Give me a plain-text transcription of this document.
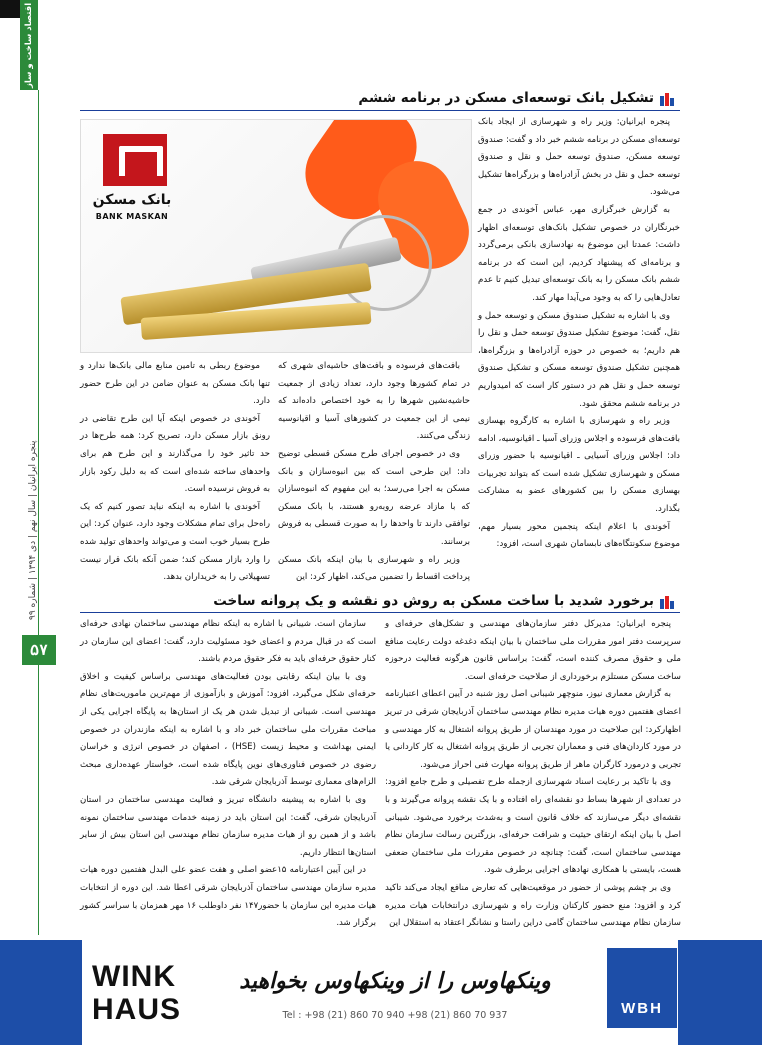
اقتصاد ساخت و ساز
پنجره ایرانیان | سال نهم | دی ۱۳۹۴ | شماره ۹۹
۵۷
تشکیل بانک توسعه‌ای مسکن در برنامه ششم
بانک مسکن
BANK MASKAN

پنجره ایرانیان: وزیر راه و شهرسازی از ایجاد بانک توسعه‌ای مسکن در برنامه ششم خبر داد و گفت: صندوق توسعه مسکن، صندوق توسعه حمل و نقل و صندوق توسعه حمل و نقل در بخش آزادراه‌ها و بزرگراه‌ها تشکیل می‌شود.

به گزارش خبرگزاری مهر، عباس آخوندی در جمع خبرنگاران در خصوص تشکیل بانک‌های توسعه‌ای اظهار داشت: عمدتا این موضوع به نهادسازی بانکی برمی‌گردد و برنامه‌ای که پیشنهاد کردیم، این است که در برنامه ششم بانک مسکن را به بانک توسعه‌ای تبدیل کنیم تا عدم تعادل‌هایی را که به وجود می‌آیدا مهار کند.

وی با اشاره به تشکیل صندوق مسکن و توسعه حمل و نقل، گفت: موضوع تشکیل صندوق توسعه حمل و نقل را هم داریم؛ به خصوص در حوزه آزادراه‌ها و بزرگراه‌ها، همچنین تشکیل صندوق توسعه مسکن و تشکیل صندوق توسعه حمل و نقل هم در دستور کار است که امیدواریم در برنامه ششم محقق شود.

وزیر راه و شهرسازی با اشاره به کارگروه بهسازی بافت‌های فرسوده و اجلاس وزرای آسیا ـ اقیانوسیه، ادامه داد: اجلاس وزرای آسیایی ـ اقیانوسیه با حضور وزرای مسکن و شهرسازی تشکیل شده است که بتواند تجربیات بهسازی مسکن را بین کشورهای عضو به مشارکت بگذارد.

آخوندی با اعلام اینکه پنجمین محور بسیار مهم، موضوع سکونتگاه‌های نابسامان شهری است، افزود:

بافت‌های فرسوده و بافت‌های حاشیه‌ای شهری که در تمام کشورها وجود دارد، تعداد زیادی از جمعیت حاشیه‌نشین شهرها را به خود اختصاص داده‌اند که نیمی از این جمعیت در کشورهای آسیا و اقیانوسیه زندگی می‌کنند.

وی در خصوص اجرای طرح مسکن قسطی توضیح داد: این طرحی است که بین انبوه‌سازان و بانک مسکن به اجرا می‌رسد؛ به این مفهوم که انبوه‌سازان که با مازاد عرضه روبه‌رو هستند، با بانک مسکن توافقی دارند تا واحدها را به صورت قسطی به فروش برسانند.

وزیر راه و شهرسازی با بیان اینکه بانک مسکن پرداخت اقساط را تضمین می‌کند، اظهار کرد: این

موضوع ربطی به تامین منابع مالی بانک‌ها ندارد و تنها بانک مسکن به عنوان ضامن در این طرح حضور دارد.

آخوندی در خصوص اینکه آیا این طرح تقاضی در رونق بازار مسکن دارد، تصریح کرد: همه طرح‌ها در حد تاثیر خود را می‌گذارند و این طرح هم برای واحدهای ساخته شده‌ای است که به دلیل رکود بازار به فروش نرسیده است.

آخوندی با اشاره به اینکه نباید تصور کنیم که یک راه‌حل برای تمام مشکلات وجود دارد، عنوان کرد: این طرح بسیار خوب است و می‌تواند واحدهای تولید شده را وارد بازار مسکن کند؛ ضمن آنکه بانک قرار نیست تسهیلاتی را به خریداران بدهد.

برخورد شدید با ساخت مسکن به روش دو نقشه و یک پروانه ساخت

پنجره ایرانیان: مدیرکل دفتر سازمان‌های مهندسی و تشکل‌های حرفه‌ای و سرپرست دفتر امور مقررات ملی ساختمان با بیان اینکه دغدغه دولت رعایت منافع ملی و حقوق مصرف کننده است، گفت: براساس قانون هرگونه فعالیت درحوزه ساخت مسکن مستلزم برخورداری از صلاحیت حرفه‌ای است.

به گزارش معماری نیوز، منوچهر شیبانی اصل روز شنبه در آیین اعطای اعتبارنامه اعضای هفتمین دوره هیات مدیره نظام مهندسی ساختمان آذربایجان شرقی در تبریز اظهارکرد: این صلاحیت در مورد مهندسان از طریق پروانه اشتغال به کار مهندسی و در مورد کاردان‌های فنی و معماران تجربی از طریق پروانه اشتغال به کار کاردانی یا تجربی و درمورد کارگران ماهر از طریق پروانه مهارت فنی احراز می‌شود.

وی با تاکید بر رعایت اسناد شهرسازی ازجمله طرح تفصیلی و طرح جامع افزود: در تعدادی از شهرها بساط دو نقشه‌ای راه افتاده و با یک نقشه پروانه می‌گیرند و با نقشه‌ای دیگر می‌سازند که خلاف قانون است و به‌شدت برخورد می‌شود. شیبانی اصل با بیان اینکه ارتقای حیثیت و شرافت حرفه‌ای، بزرگترین رسالت سازمان نظام مهندسی ساختمان است، گفت: چنانچه در خصوص مقررات ملی ساختمان ضعفی هست، بایستی با همکاری نهادهای اجرایی برطرف شود.

وی بر چشم پوشی از حضور در موقعیت‌هایی که تعارض منافع ایجاد می‌کند تاکید کرد و افزود: منع حضور کارکنان وزارت راه و شهرسازی درانتخابات هیات مدیره سازمان نظام مهندسی ساختمان گامی دراین راستا و نشانگر اعتقاد به استقلال این

سازمان است. شیبانی با اشاره به اینکه نظام مهندسی ساختمان نهادی حرفه‌ای است که در قبال مردم و اعضای خود مسئولیت دارد، گفت: اعضای این سازمان در کنار حقوق حرفه‌ای باید به فکر حقوق مردم باشند.

وی با بیان اینکه رقابتی بودن فعالیت‌های مهندسی براساس کیفیت و اخلاق حرفه‌ای شکل می‌گیرد، افزود: آموزش و بازآموزی از مهم‌ترین ماموریت‌های نظام مهندسی است. شیبانی از تبدیل شدن هر یک از استان‌ها به پایگاه اجرایی یکی از مباحث مقررات ملی ساختمان خبر داد و با اشاره به اینکه مازندران در خصوص ایمنی بهداشت و محیط زیست (HSE) ، اصفهان در خصوص انرژی و خراسان رضوی در خصوص فناوری‌های نوین پایگاه شده است، خواستار عهده‌داری مبحث الزام‌های معماری توسط آذربایجان شرقی شد.

وی با اشاره به پیشینه دانشگاه تبریز و فعالیت مهندسی ساختمان در استان آذربایجان شرقی، گفت: این استان باید در زمینه خدمات مهندسی ساختمان نمونه باشد و از همین رو از هیات مدیره سازمان نظام مهندسی این استان بیش از سایر استان‌ها انتظار داریم.

در این آیین اعتبارنامه ۱۵عضو اصلی و هفت عضو علی البدل هفتمین دوره هیات مدیره سازمان مهندسی ساختمان آذربایجان شرقی اعطا شد. این دوره از انتخابات هیات مدیره این سازمان با حضور۱۴۷ نفر داوطلب ۱۶ مهر همزمان با سراسر کشور برگزار شد.

WINK HAUS
وینکهاوس را از وینکهاوس بخواهید
Tel : +98 (21) 860 70 940 +98 (21) 860 70 937	WBH
